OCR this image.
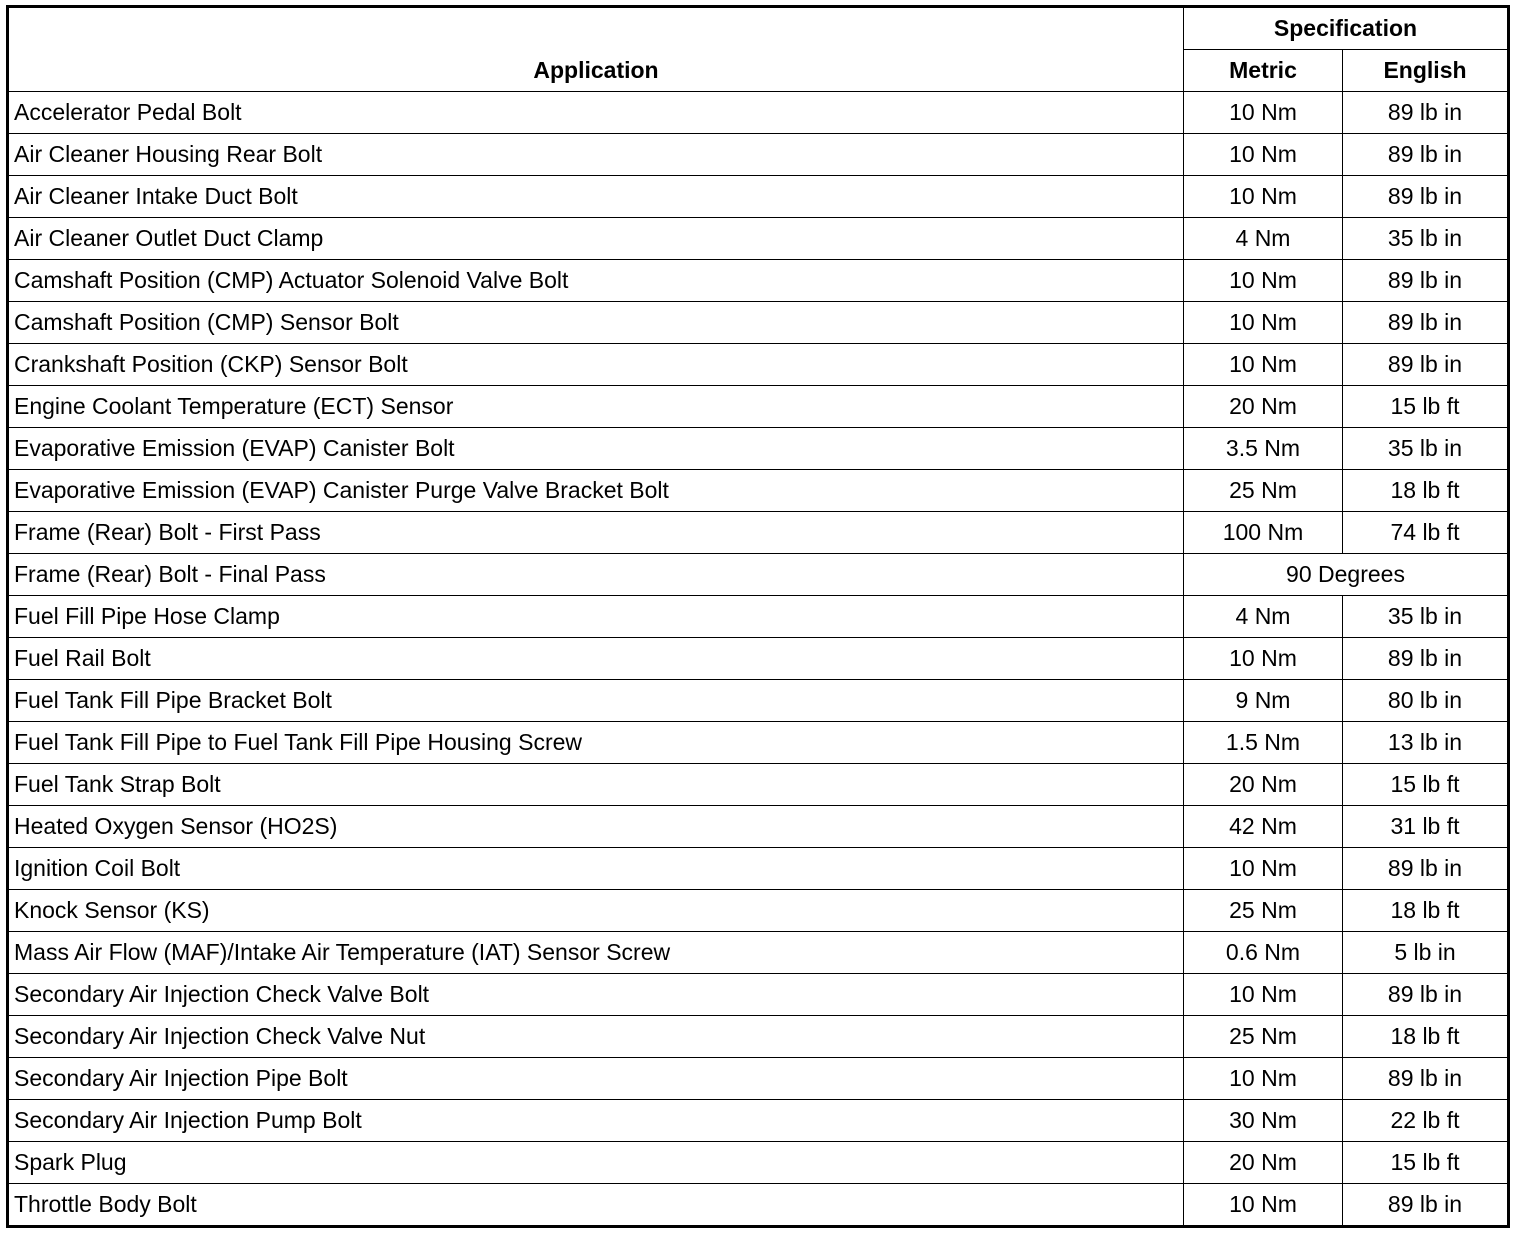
Application	Specification	
	Metric	English
Accelerator Pedal Bolt	10 Nm	89 lb in
Air Cleaner Housing Rear Bolt	10 Nm	89 lb in
Air Cleaner Intake Duct Bolt	10 Nm	89 lb in
Air Cleaner Outlet Duct Clamp	4 Nm	35 lb in
Camshaft Position (CMP) Actuator Solenoid Valve Bolt	10 Nm	89 lb in
Camshaft Position (CMP) Sensor Bolt	10 Nm	89 lb in
Crankshaft Position (CKP) Sensor Bolt	10 Nm	89 lb in
Engine Coolant Temperature (ECT) Sensor	20 Nm	15 lb ft
Evaporative Emission (EVAP) Canister Bolt	3.5 Nm	35 lb in
Evaporative Emission (EVAP) Canister Purge Valve Bracket Bolt	25 Nm	18 lb ft
Frame (Rear) Bolt - First Pass	100 Nm	74 lb ft
Frame (Rear) Bolt - Final Pass	90 Degrees	
Fuel Fill Pipe Hose Clamp	4 Nm	35 lb in
Fuel Rail Bolt	10 Nm	89 lb in
Fuel Tank Fill Pipe Bracket Bolt	9 Nm	80 lb in
Fuel Tank Fill Pipe to Fuel Tank Fill Pipe Housing Screw	1.5 Nm	13 lb in
Fuel Tank Strap Bolt	20 Nm	15 lb ft
Heated Oxygen Sensor (HO2S)	42 Nm	31 lb ft
Ignition Coil Bolt	10 Nm	89 lb in
Knock Sensor (KS)	25 Nm	18 lb ft
Mass Air Flow (MAF)/Intake Air Temperature (IAT) Sensor Screw	0.6 Nm	5 lb in
Secondary Air Injection Check Valve Bolt	10 Nm	89 lb in
Secondary Air Injection Check Valve Nut	25 Nm	18 lb ft
Secondary Air Injection Pipe Bolt	10 Nm	89 lb in
Secondary Air Injection Pump Bolt	30 Nm	22 lb ft
Spark Plug	20 Nm	15 lb ft
Throttle Body Bolt	10 Nm	89 lb in
